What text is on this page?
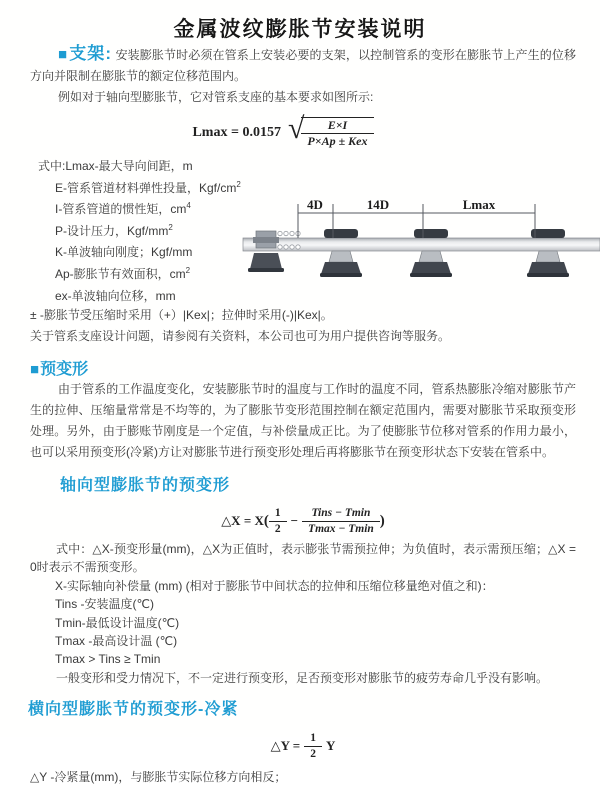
金属波纹膨胀节安装说明

■支架: 安装膨胀节时必须在管系上安装必要的支架，以控制管系的变形在膨胀节上产生的位移方向并限制在膨胀节的额定位移范围内。

例如对于轴向型膨胀节，它对管系支座的基本要求如图所示:

Lmax = 0.0157 √
$\frac{E\times I}{\text{P×Ap ± Kex}}$
式中:Lmax-最大导向间距，m
E-管系管道材料弹性投量，Kgf/$cm^2$
I-管系管道的惯性矩，$cm^4$
P-设计压力，Kgf/$mm^2$
K-单波轴向刚度；Kgf/mm
Ap-膨胀节有效面积，$cm^2$
ex-单波轴向位移，mm

± -膨胀节受压缩时采用（+）|Kex|；拉伸时采用(-)|Kex|。

关于管系支座设计问题，请参阅有关资料，本公司也可为用户提供咨询等服务。

■预变形

由于管系的工作温度变化，安装膨胀节时的温度与工作时的温度不同，管系热膨胀冷缩对膨胀节产生的拉伸、压缩量常常是不均等的，为了膨胀节变形范围控制在额定范围内，需要对膨胀节采取预变形处理。另外，由于膨账节刚度是一个定值，与补偿量成正比。为了使膨胀节位移对管系的作用力最小，也可以采用预变形(冷紧)方让对膨胀节进行预变形处理后再将膨胀节在预变形状态下安装在管系中。

轴向型膨胀节的预变形
△X = X ( $\frac{1}{2} - \frac{\text{Tins − Tmin}}{Tmax - Tmin}$ )

式中：△X-预变形量(mm)，△X为正值时，表示膨张节需预拉伸；为负值时，表示需预压缩；△X = 0时表示不需预变形。

X-实际轴向补偿量 (mm) (相对于膨胀节中间状态的拉伸和压缩位移量绝对值之和)：

Tins -安装温度(℃)

Tmin-最低设计温度(℃)

Tmax -最高设计温 (℃)

Tmax > Tins ≥ Tmin

一般变形和受力情况下，不一定进行预变形，足否预变形对膨胀节的疲劳寿命几乎没有影响。

横向型膨胀节的预变形-冷紧
△Y = $\frac{1}{2}$ Y

△Y -冷紧量(mm)，与膨胀节实际位移方向相反；

4D	14D	Lmax
